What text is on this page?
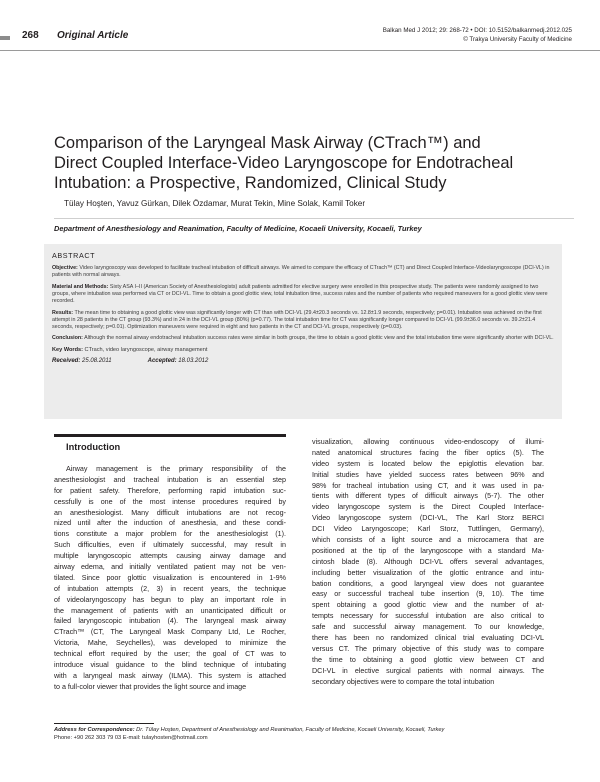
268 Original Article	Balkan Med J 2012; 29: 268-72 • DOI: 10.5152/balkanmedj.2012.025
© Trakya University Faculty of Medicine
Comparison of the Laryngeal Mask Airway (CTrach™) and
Direct Coupled Interface-Video Laryngoscope for Endotracheal
Intubation: a Prospective, Randomized, Clinical Study
Tülay Hoşten, Yavuz Gürkan, Dilek Özdamar, Murat Tekin, Mine Solak, Kamil Toker
Department of Anesthesiology and Reanimation, Faculty of Medicine, Kocaeli University, Kocaeli, Turkey
ABSTRACT

Objective: Video laryngoscopy was developed to facilitate tracheal intubation of difficult airways. We aimed to compare the efficacy of CTrach™ (CT) and Direct Coupled Interface-Videolaryngoscope (DCI-VL) in patients with normal airways.

Material and Methods: Sixty ASA I–II (American Society of Anesthesiologists) adult patients admitted for elective surgery were enrolled in this prospective study. The patients were randomly assigned to two groups, where intubation was performed via CT or DCI-VL. Time to obtain a good glottic view, total intubation time, success rates and the number of patients who required maneuvers for a good glottic view were recorded.

Results: The mean time to obtaining a good glottic view was significantly longer with CT than with DCI-VL (29.4±20.3 seconds vs. 12.8±1.9 seconds, respectively; p=0.01). Intubation was achieved on the first attempt in 28 patients in the CT group (93.3%) and in 24 in the DCI-VL group (80%) (p=0.77). The total intubation time for CT was significantly longer compared to DCI-VL (99.9±36.0 seconds vs. 39.2±21.4 seconds, respectively; p=0.01). Optimization maneuvers were required in eight and two patients in the CT and DCI-VL groups, respectively (p=0.03).

Conclusion: Although the normal airway endotracheal intubation success rates were similar in both groups, the time to obtain a good glottic view and the total intubation time were significantly shorter with DCI-VL.

Key Words: CTrach, video laryngoscope, airway management
Received: 25.08.2011	Accepted: 18.03.2012
Introduction
Airway management is the primary responsibility of the
anesthesiologist and tracheal intubation is an essential step
for patient safety. Therefore, performing rapid intubation suc-
cessfully is one of the most intense procedures required by
an anesthesiologist. Many difficult intubations are not recog-
nized until after the induction of anesthesia, and these condi-
tions constitute a major problem for the anesthesiologist (1).
Such difficulties, even if ultimately successful, may result in
multiple laryngoscopic attempts causing airway damage and
airway edema, and initially ventilated patient may not be ven-
tilated. Since poor glottic visualization is encountered in 1-9%
of intubation attempts (2, 3) in recent years, the technique
of videolaryngoscopy has begun to play an important role in
the management of patients with an unanticipated difficult or
failed laryngoscopic intubation (4). The laryngeal mask airway
CTrach™ (CT, The Laryngeal Mask Company Ltd, Le Rocher,
Victoria, Mahe, Seychelles), was developed to minimize the
technical effort required by the user; the goal of CT was to
introduce visual guidance to the blind technique of intubating
with a laryngeal mask airway (ILMA). This system is attached
to a full-color viewer that provides the light source and image
visualization, allowing continuous video-endoscopy of illumi-
nated anatomical structures facing the fiber optics (5). The
video system is located below the epiglottis elevation bar.
Initial studies have yielded success rates between 96% and
98% for tracheal intubation using CT, and it was used in pa-
tients with different types of difficult airways (5-7). The other
video laryngoscope system is the Direct Coupled Interface-
Video laryngoscope system (DCI-VL, The Karl Storz BERCI
DCI Video Laryngoscope; Karl Storz, Tuttlingen, Germany),
which consists of a light source and a microcamera that are
positioned at the tip of the laryngoscope with a standard Ma-
cintosh blade (8). Although DCI-VL offers several advantages,
including better visualization of the glottic entrance and intu-
bation conditions, a good laryngeal view does not guarantee
easy or successful tracheal tube insertion (9, 10). The time
spent obtaining a good glottic view and the number of at-
tempts necessary for successful intubation are also critical to
safe and successful airway management. To our knowledge,
there has been no randomized clinical trial evaluating DCI-VL
versus CT. The primary objective of this study was to compare
the time to obtaining a good glottic view between CT and
DCI-VL in elective surgical patients with normal airways. The
secondary objectives were to compare the total intubation
Address for Correspondence: Dr. Tülay Hoşten, Department of Anesthesiology and Reanimation, Faculty of Medicine, Kocaeli University, Kocaeli, Turkey
Phone: +90 262 303 79 03 E-mail: tulayhosten@hotmail.com
